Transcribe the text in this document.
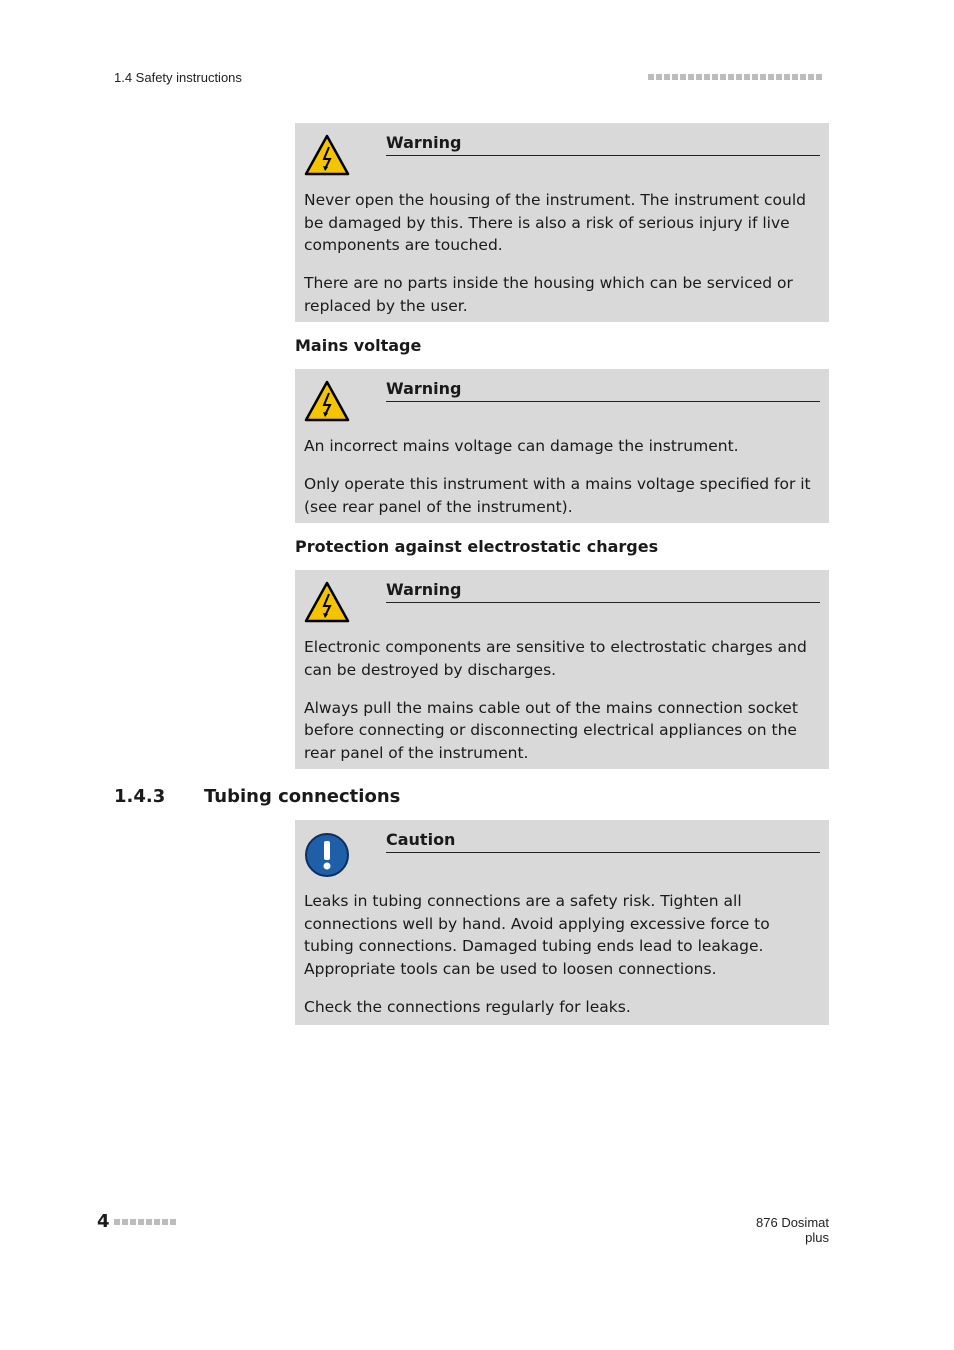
1.4 Safety instructions
Warning

Never open the housing of the instrument. The instrument could be damaged by this. There is also a risk of serious injury if live components are touched.

There are no parts inside the housing which can be serviced or replaced by the user.

Mains voltage
Warning

An incorrect mains voltage can damage the instrument.

Only operate this instrument with a mains voltage specified for it (see rear panel of the instrument).

Protection against electrostatic charges
Warning

Electronic components are sensitive to electrostatic charges and can be destroyed by discharges.

Always pull the mains cable out of the mains connection socket before connecting or disconnecting electrical appliances on the rear panel of the instrument.

1.4.3 Tubing connections
Caution

Leaks in tubing connections are a safety risk. Tighten all connections well by hand. Avoid applying excessive force to tubing connections. Damaged tubing ends lead to leakage. Appropriate tools can be used to loosen connections.

Check the connections regularly for leaks.

4	876 Dosimat plus
